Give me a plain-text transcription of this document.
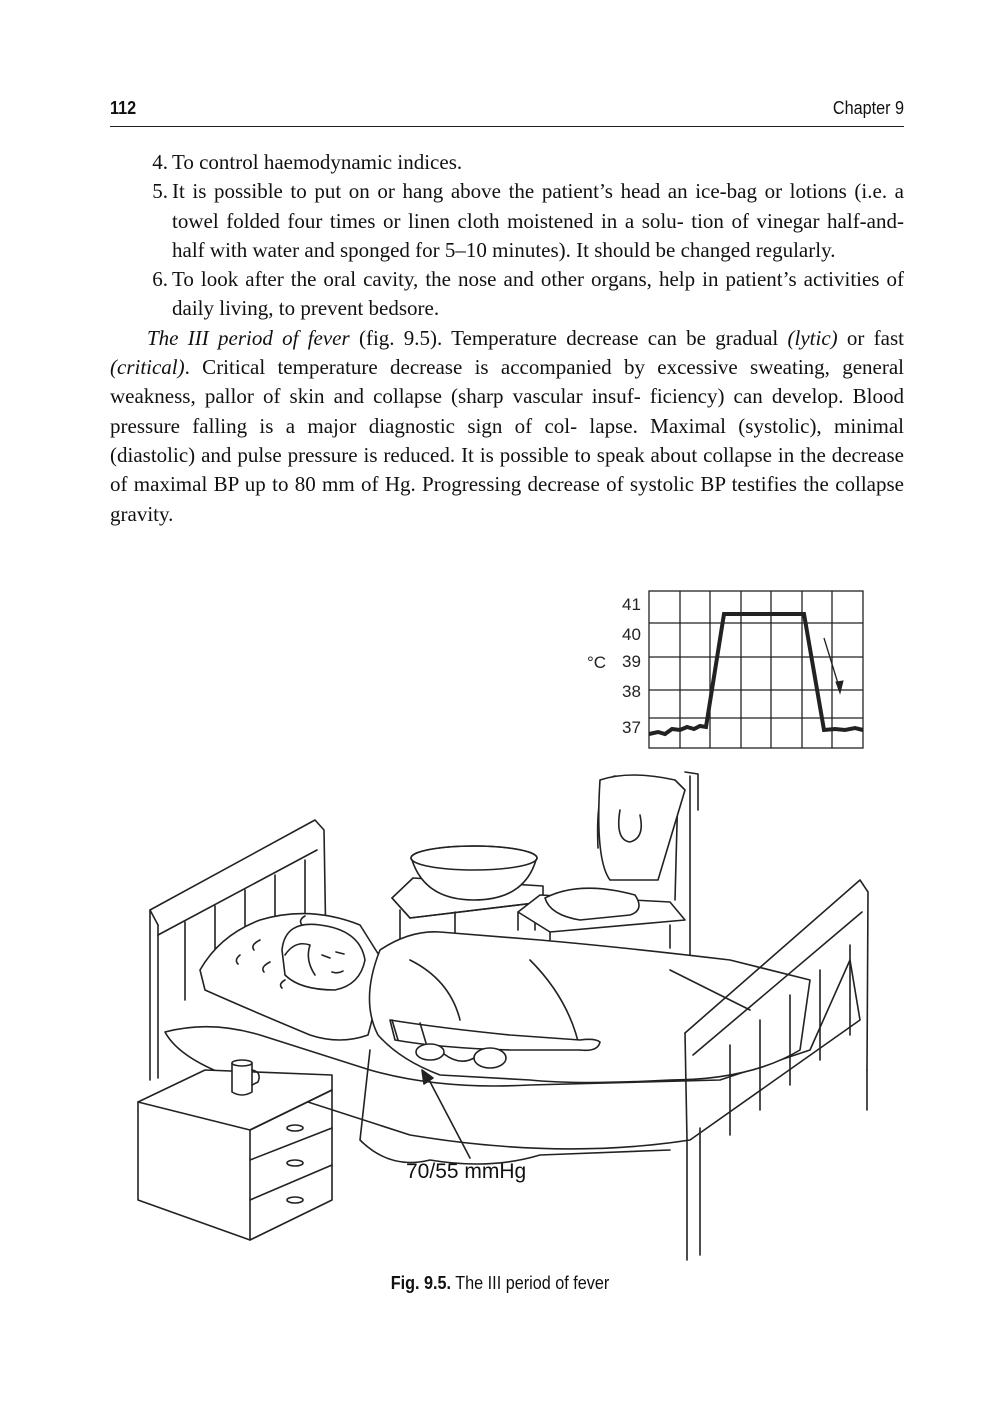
112	Chapter 9
4. To control haemodynamic indices.
5. It is possible to put on or hang above the patient’s head an ice-bag or lotions (i.e. a towel folded four times or linen cloth moistened in a solu- tion of vinegar half-and-half with water and sponged for 5–10 minutes). It should be changed regularly.
6. To look after the oral cavity, the nose and other organs, help in patient’s activities of daily living, to prevent bedsore.

The III period of fever (fig. 9.5). Temperature decrease can be gradual (lytic) or fast (critical). Critical temperature decrease is accompanied by excessive sweating, general weakness, pallor of skin and collapse (sharp vascular insuf- ficiency) can develop. Blood pressure falling is a major diagnostic sign of col- lapse. Maximal (systolic), minimal (diastolic) and pulse pressure is reduced. It is possible to speak about collapse in the decrease of maximal BP up to 80 mm of Hg. Progressing decrease of systolic BP testifies the collapse gravity.

°C
41
40
39
38
37
70/55 mmHg
Fig. 9.5. The III period of fever
